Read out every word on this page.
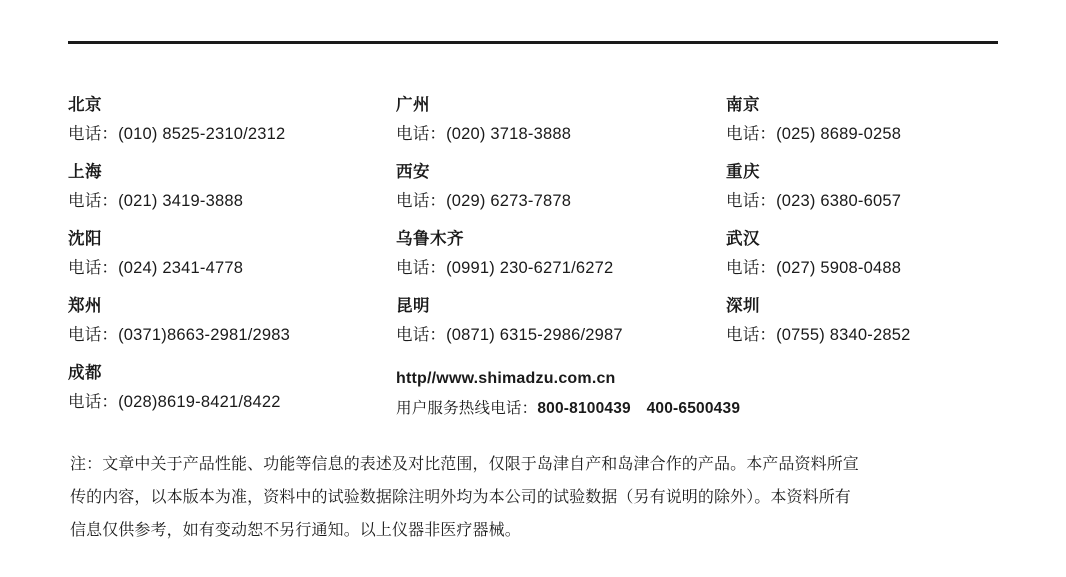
北京
电话：(010) 8525-2310/2312
上海
电话：(021) 3419-3888
沈阳
电话：(024) 2341-4778
郑州
电话：(0371)8663-2981/2983
成都
电话：(028)8619-8421/8422
广州
电话：(020) 3718-3888
西安
电话：(029) 6273-7878
乌鲁木齐
电话：(0991) 230-6271/6272
昆明
电话：(0871) 6315-2986/2987
http//www.shimadzu.com.cn
用户服务热线电话：800-8100439　400-6500439
南京
电话：(025) 8689-0258
重庆
电话：(023) 6380-6057
武汉
电话：(027) 5908-0488
深圳
电话：(0755) 8340-2852
注：文章中关于产品性能、功能等信息的表述及对比范围，仅限于岛津自产和岛津合作的产品。本产品资料所宣
传的内容，以本版本为准，资料中的试验数据除注明外均为本公司的试验数据（另有说明的除外）。本资料所有
信息仅供参考，如有变动恕不另行通知。以上仪器非医疗器械。
